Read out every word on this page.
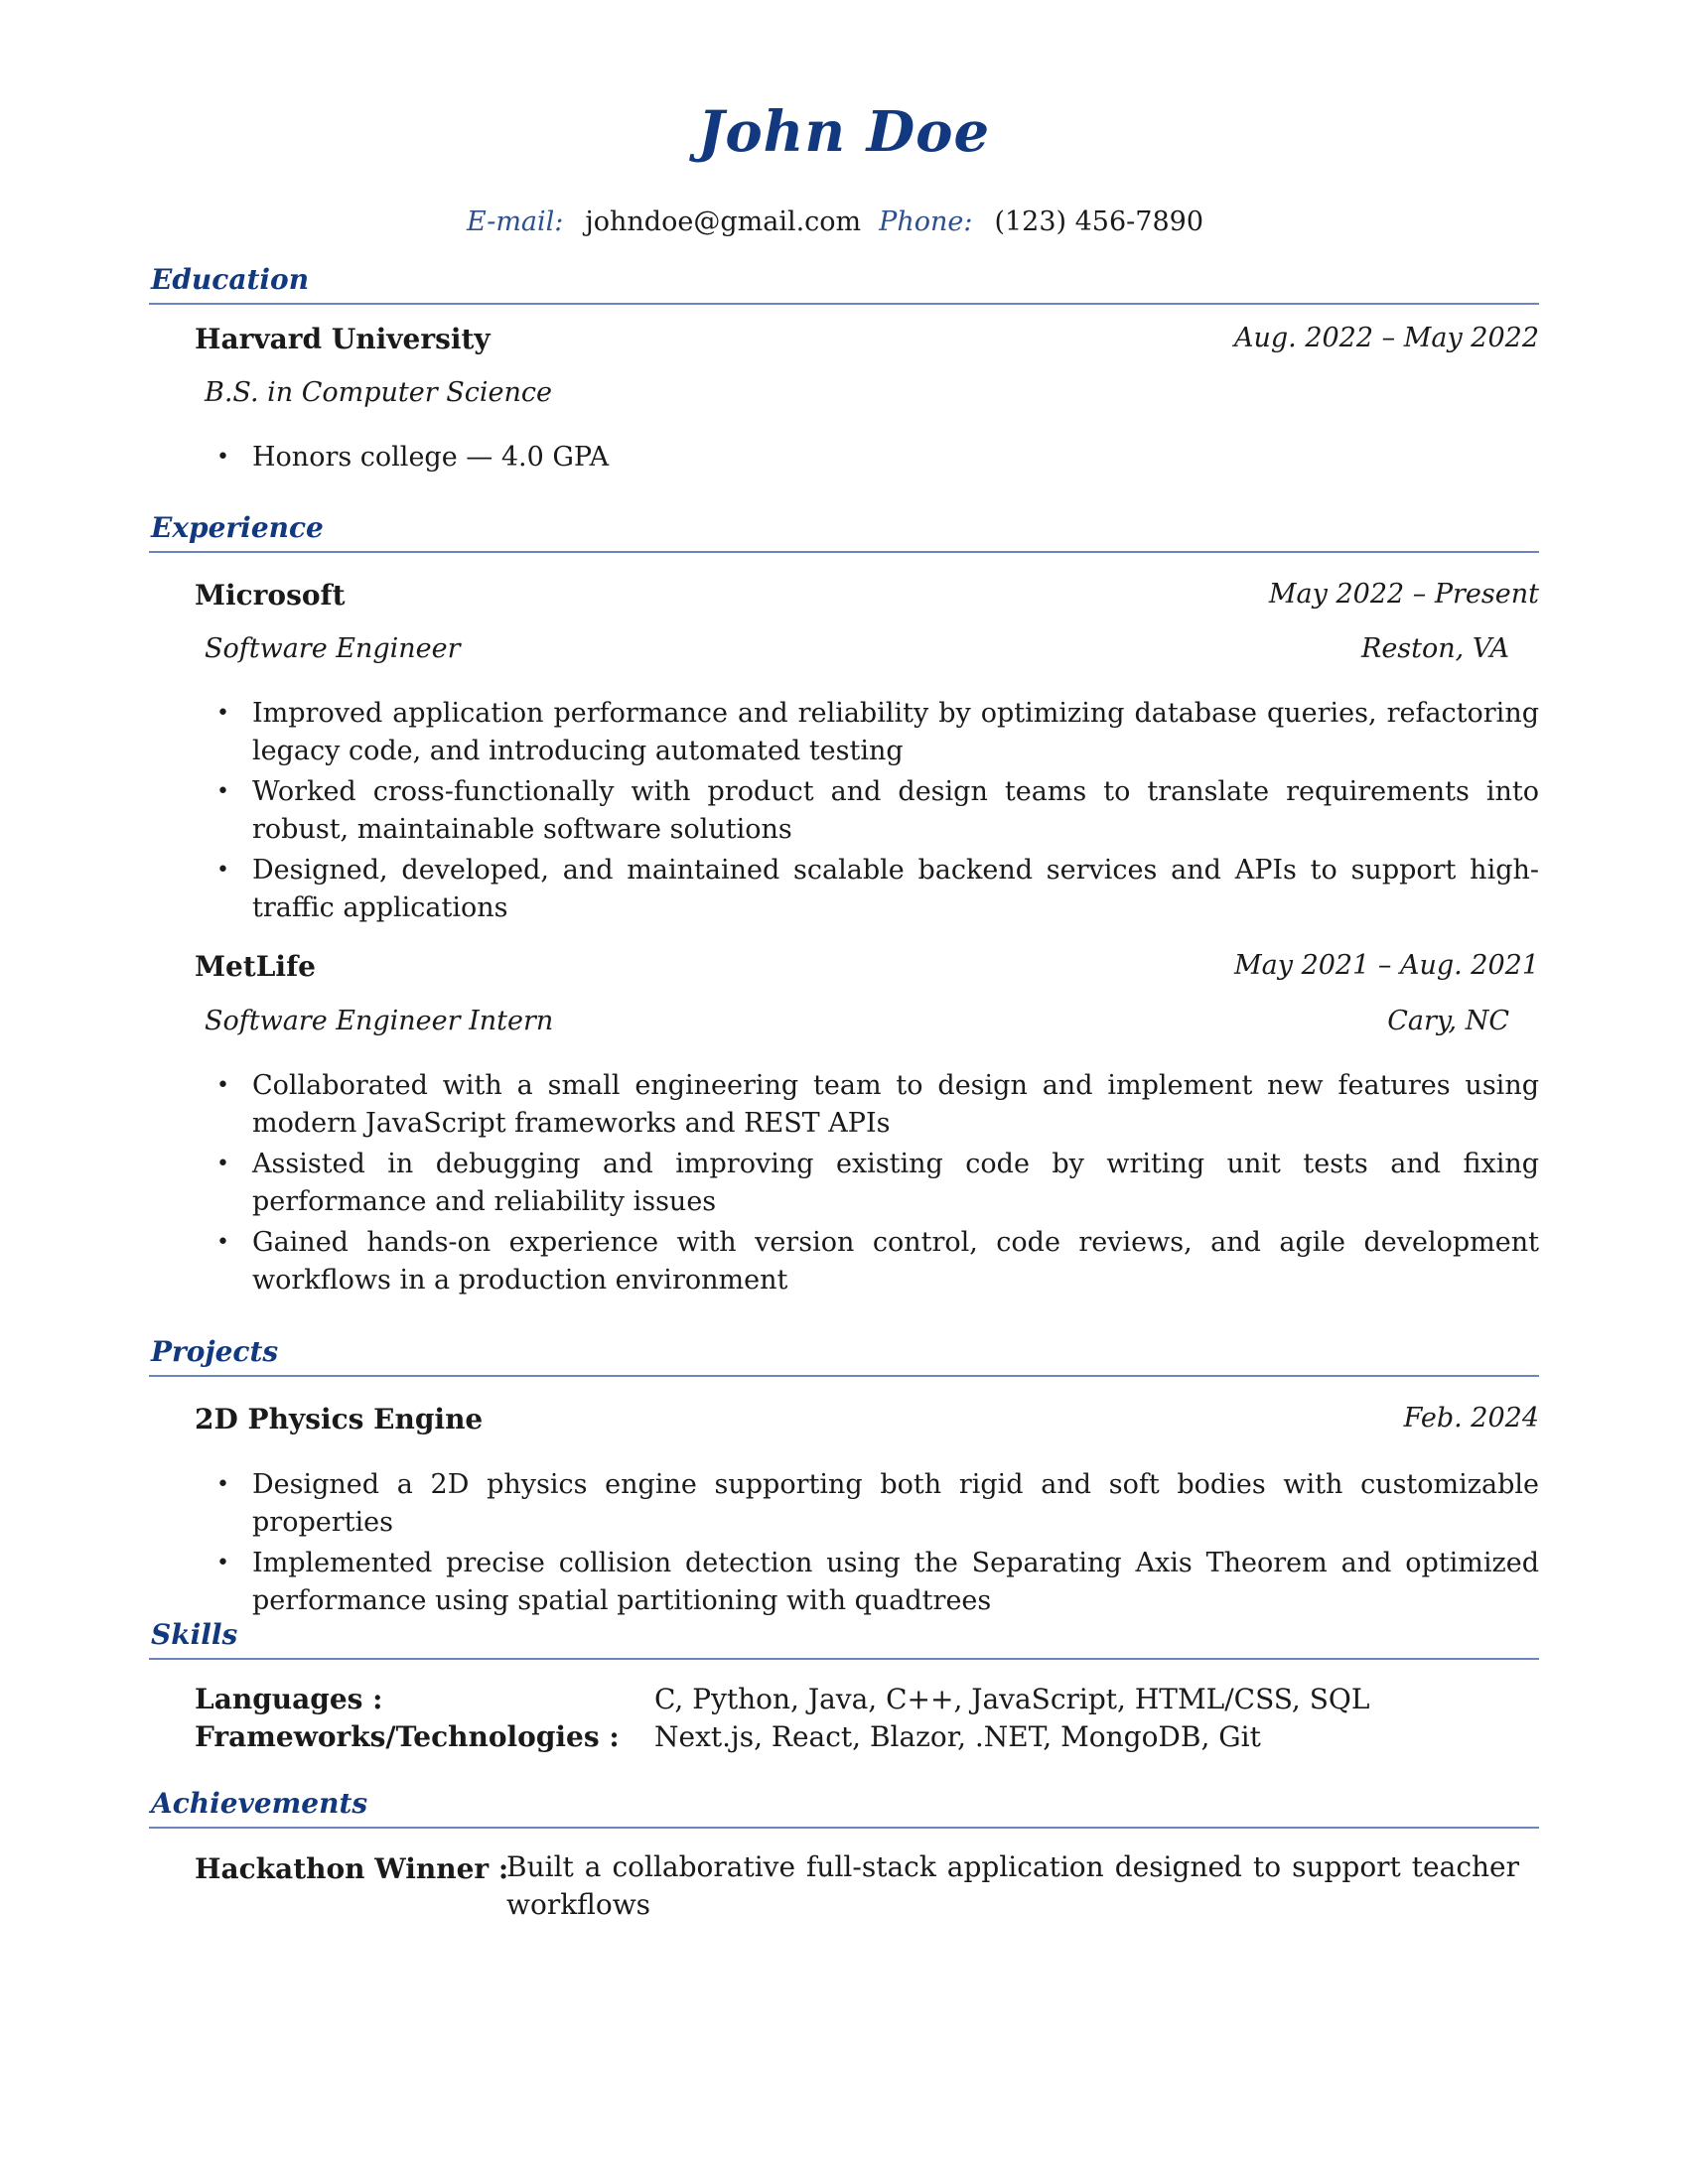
John Doe
E-mail: johndoe@gmail.com Phone: (123) 456-7890
Education
Harvard University	Aug. 2022 – May 2022
B.S. in Computer Science
• Honors college — 4.0 GPA
Experience
Microsoft	May 2022 – Present
Software Engineer	Reston, VA
• Improved application performance and reliability by optimizing database queries, refactoring legacy code, and introducing automated testing
• Worked cross-functionally with product and design teams to translate requirements into robust, maintainable software solutions
• Designed, developed, and maintained scalable backend services and APIs to support high-traffic applications
MetLife	May 2021 – Aug. 2021
Software Engineer Intern	Cary, NC
• Collaborated with a small engineering team to design and implement new features using modern JavaScript frameworks and REST APIs
• Assisted in debugging and improving existing code by writing unit tests and fixing performance and reliability issues
• Gained hands-on experience with version control, code reviews, and agile development workflows in a production environment
Projects
2D Physics Engine	Feb. 2024
• Designed a 2D physics engine supporting both rigid and soft bodies with customizable properties
• Implemented precise collision detection using the Separating Axis Theorem and optimized performance using spatial partitioning with quadtrees
Skills
Languages :	C, Python, Java, C++, JavaScript, HTML/CSS, SQL
Frameworks/Technologies : Next.js, React, Blazor, .NET, MongoDB, Git
Achievements
Hackathon Winner :
Built a collaborative full-stack application designed to support teacher workflows
